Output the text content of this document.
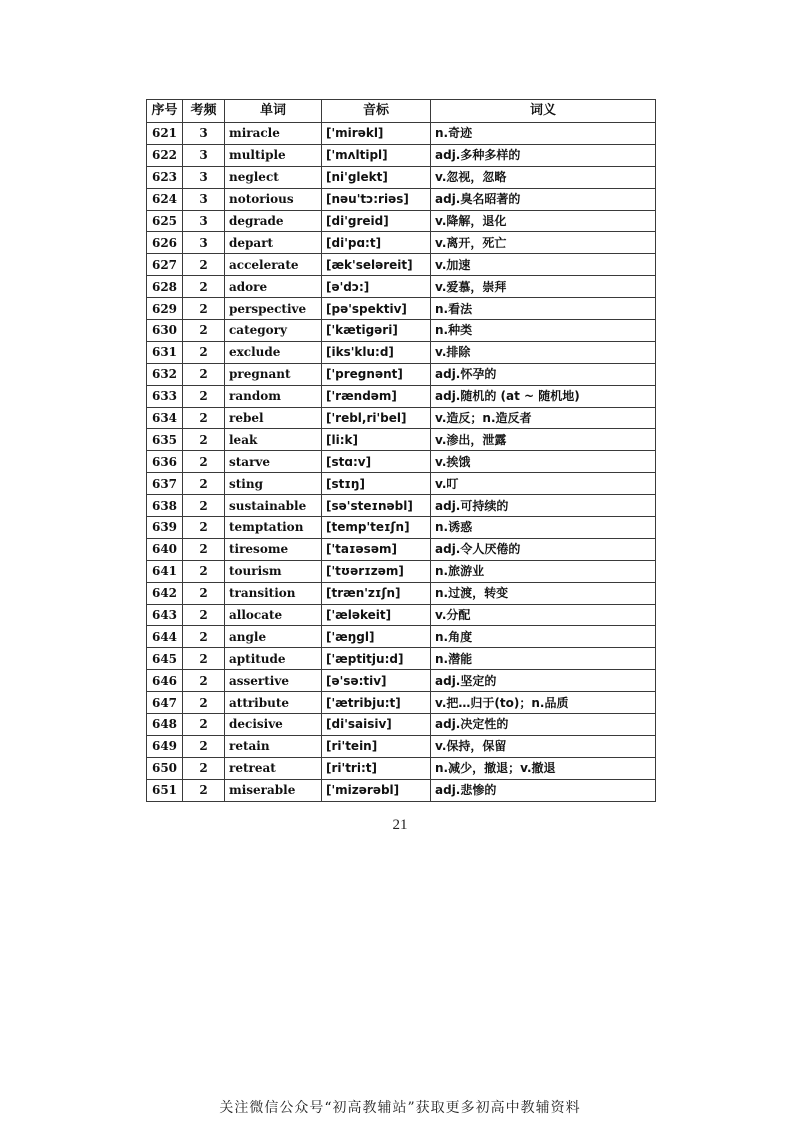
序号	考频	单词	音标	词义
621	3	miracle	['mirəkl]	n.奇迹
622	3	multiple	['mʌltipl]	adj.多种多样的
623	3	neglect	[ni'glekt]	v.忽视，忽略
624	3	notorious	[nəu'tɔ:riəs]	adj.臭名昭著的
625	3	degrade	[di'greid]	v.降解，退化
626	3	depart	[di'pɑ:t]	v.离开，死亡
627	2	accelerate	[æk'seləreit]	v.加速
628	2	adore	[ə'dɔ:]	v.爱慕，崇拜
629	2	perspective	[pə'spektiv]	n.看法
630	2	category	['kætigəri]	n.种类
631	2	exclude	[iks'klu:d]	v.排除
632	2	pregnant	['pregnənt]	adj.怀孕的
633	2	random	['rændəm]	adj.随机的 (at ~ 随机地)
634	2	rebel	['rebl,ri'bel]	v.造反；n.造反者
635	2	leak	[li:k]	v.渗出，泄露
636	2	starve	[stɑ:v]	v.挨饿
637	2	sting	[stɪŋ]	v.叮
638	2	sustainable	[sə'steɪnəbl]	adj.可持续的
639	2	temptation	[temp'teɪʃn]	n.诱惑
640	2	tiresome	['taɪəsəm]	adj.令人厌倦的
641	2	tourism	['tʊərɪzəm]	n.旅游业
642	2	transition	[træn'zɪʃn]	n.过渡，转变
643	2	allocate	['æləkeit]	v.分配
644	2	angle	['æŋgl]	n.角度
645	2	aptitude	['æptitju:d]	n.潜能
646	2	assertive	[ə'sə:tiv]	adj.坚定的
647	2	attribute	['ætribju:t]	v.把…归于(to)；n.品质
648	2	decisive	[di'saisiv]	adj.决定性的
649	2	retain	[ri'tein]	v.保持，保留
650	2	retreat	[ri'tri:t]	n.减少，撤退；v.撤退
651	2	miserable	['mizərəbl]	adj.悲惨的
21
关注微信公众号“初高教辅站”获取更多初高中教辅资料
